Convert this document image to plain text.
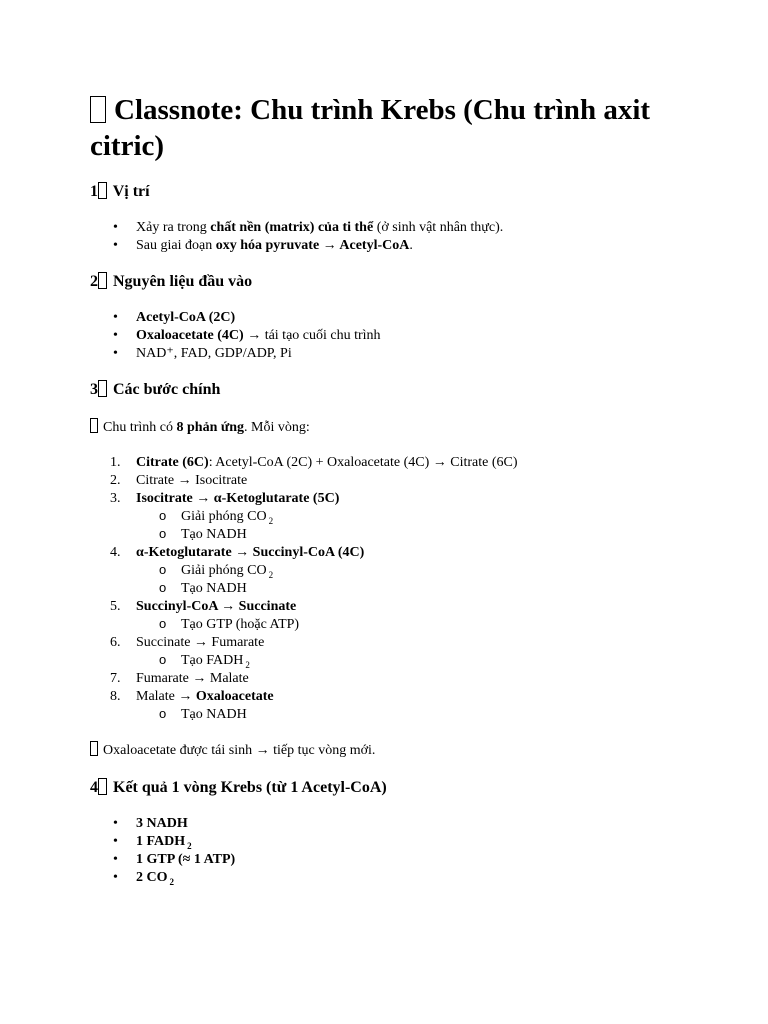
Classnote: Chu trình Krebs (Chu trình axit citric)
1 Vị trí
• Xảy ra trong chất nền (matrix) của ti thể (ở sinh vật nhân thực).
• Sau giai đoạn oxy hóa pyruvate → Acetyl-CoA.
2 Nguyên liệu đầu vào
• Acetyl-CoA (2C)
• Oxaloacetate (4C) → tái tạo cuối chu trình
• NAD⁺, FAD, GDP/ADP, Pi
3 Các bước chính

Chu trình có 8 phản ứng. Mỗi vòng:

1. Citrate (6C): Acetyl-CoA (2C) + Oxaloacetate (4C) → Citrate (6C)
2. Citrate → Isocitrate
3. Isocitrate → α-Ketoglutarate (5C)
o Giải phóng CO $_2$
o Tạo NADH
4. α-Ketoglutarate → Succinyl-CoA (4C)
o Giải phóng CO $_2$
o Tạo NADH
5. Succinyl-CoA → Succinate
o Tạo GTP (hoặc ATP)
6. Succinate → Fumarate
o Tạo FADH $_2$
7. Fumarate → Malate
8. Malate → Oxaloacetate
o Tạo NADH

Oxaloacetate được tái sinh → tiếp tục vòng mới.

4 Kết quả 1 vòng Krebs (từ 1 Acetyl-CoA)
• 3 NADH
• 1 FADH $_2$
• 1 GTP (≈ 1 ATP)
• 2 CO $_2$
